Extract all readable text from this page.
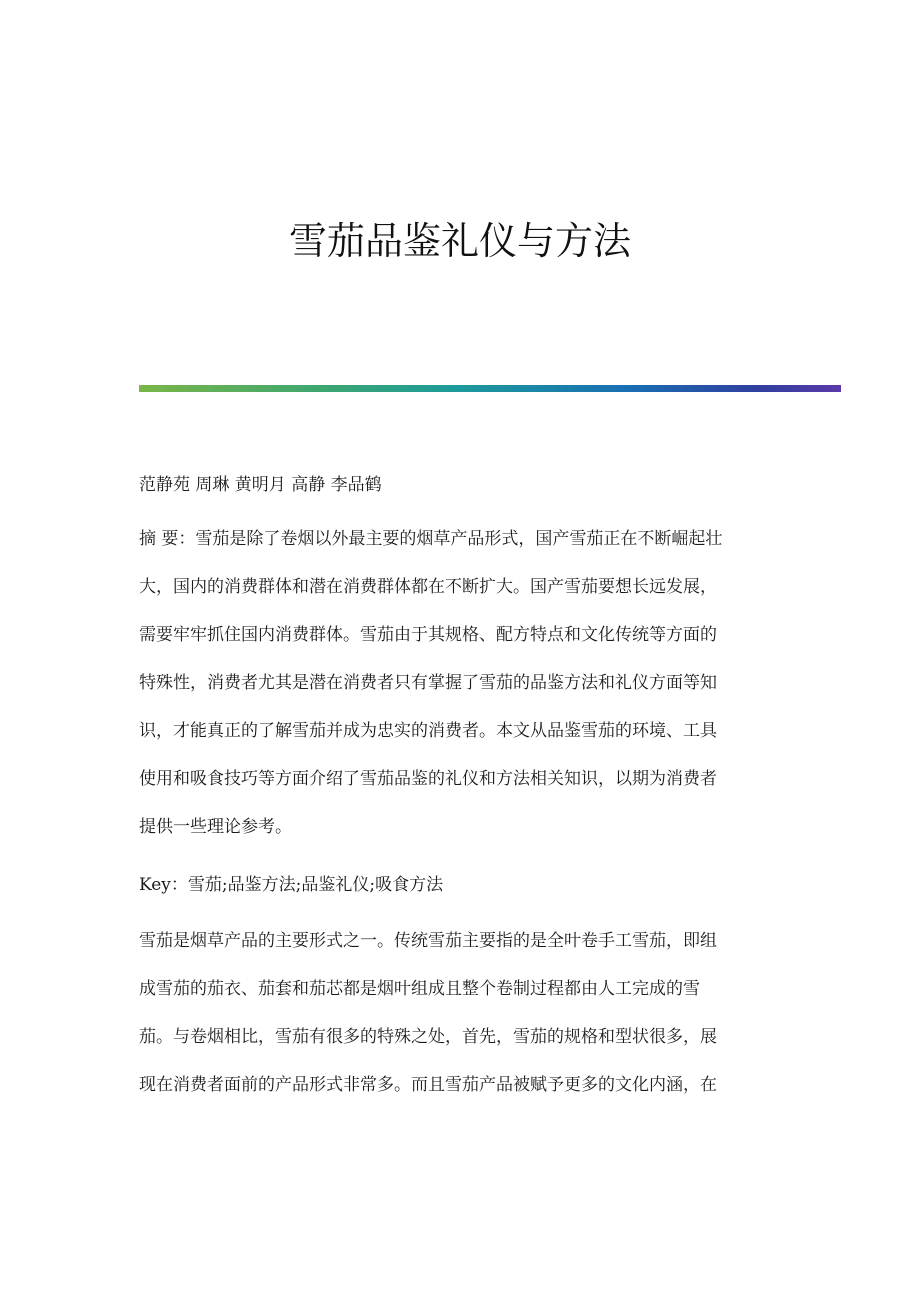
雪茄品鉴礼仪与方法
范静苑 周琳 黄明月 高静 李品鹤
摘 要：雪茄是除了卷烟以外最主要的烟草产品形式，国产雪茄正在不断崛起壮
大，国内的消费群体和潜在消费群体都在不断扩大。国产雪茄要想长远发展，
需要牢牢抓住国内消费群体。雪茄由于其规格、配方特点和文化传统等方面的
特殊性，消费者尤其是潜在消费者只有掌握了雪茄的品鉴方法和礼仪方面等知
识，才能真正的了解雪茄并成为忠实的消费者。本文从品鉴雪茄的环境、工具
使用和吸食技巧等方面介绍了雪茄品鉴的礼仪和方法相关知识，以期为消费者
提供一些理论参考。
Key：雪茄;品鉴方法;品鉴礼仪;吸食方法
雪茄是烟草产品的主要形式之一。传统雪茄主要指的是全叶卷手工雪茄，即组
成雪茄的茄衣、茄套和茄芯都是烟叶组成且整个卷制过程都由人工完成的雪
茄。与卷烟相比，雪茄有很多的特殊之处，首先，雪茄的规格和型状很多，展
现在消费者面前的产品形式非常多。而且雪茄产品被赋予更多的文化内涵，在
